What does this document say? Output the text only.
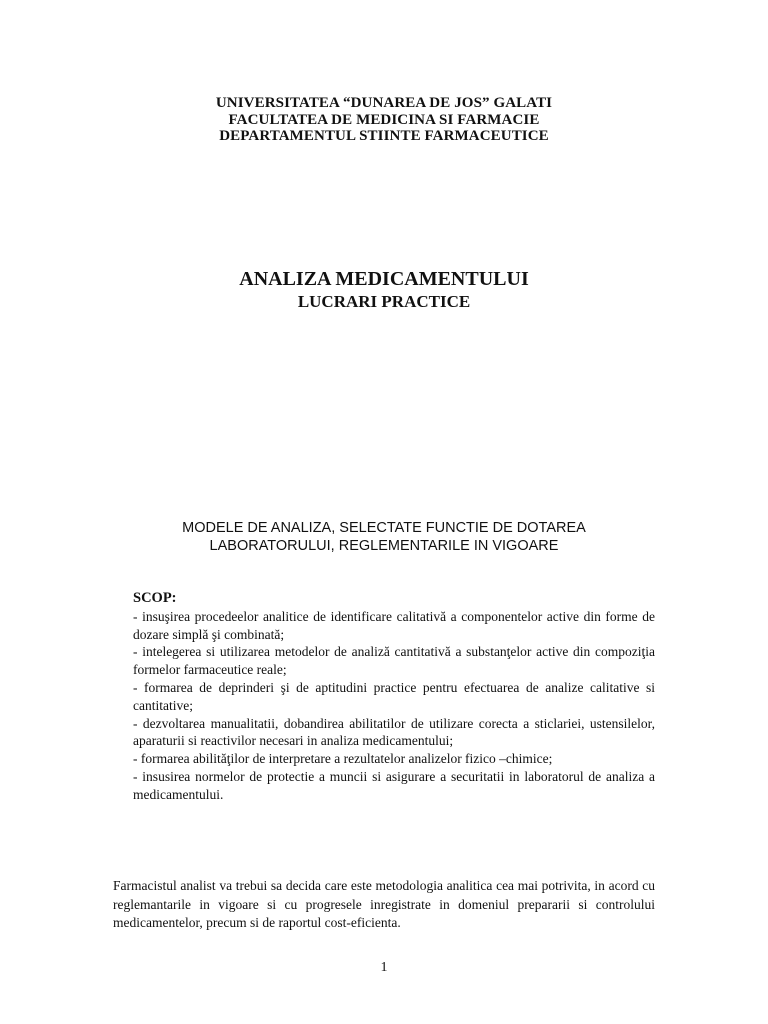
UNIVERSITATEA “DUNAREA DE JOS” GALATI
FACULTATEA DE MEDICINA SI FARMACIE
DEPARTAMENTUL STIINTE FARMACEUTICE
ANALIZA MEDICAMENTULUI
LUCRARI PRACTICE
MODELE DE ANALIZA, SELECTATE FUNCTIE DE DOTAREA
LABORATORULUI, REGLEMENTARILE IN VIGOARE
SCOP:
- insuşirea procedeelor analitice de identificare calitativă a componentelor active din forme de dozare simplă şi combinată;
- intelegerea si utilizarea metodelor de analiză cantitativă a substanţelor active din compoziţia formelor farmaceutice reale;
- formarea de deprinderi şi de aptitudini practice pentru efectuarea de analize calitative si cantitative;
- dezvoltarea manualitatii, dobandirea abilitatilor de utilizare corecta a sticlariei, ustensilelor, aparaturii si reactivilor necesari in analiza medicamentului;
- formarea abilităţilor de interpretare a rezultatelor analizelor fizico –chimice;
- insusirea normelor de protectie a muncii si asigurare a securitatii in laboratorul de analiza a medicamentului.
Farmacistul analist va trebui sa decida care este metodologia analitica cea mai potrivita, in acord cu reglemantarile in vigoare si cu progresele inregistrate in domeniul prepararii si controlului medicamentelor, precum si de raportul cost-eficienta.
1
